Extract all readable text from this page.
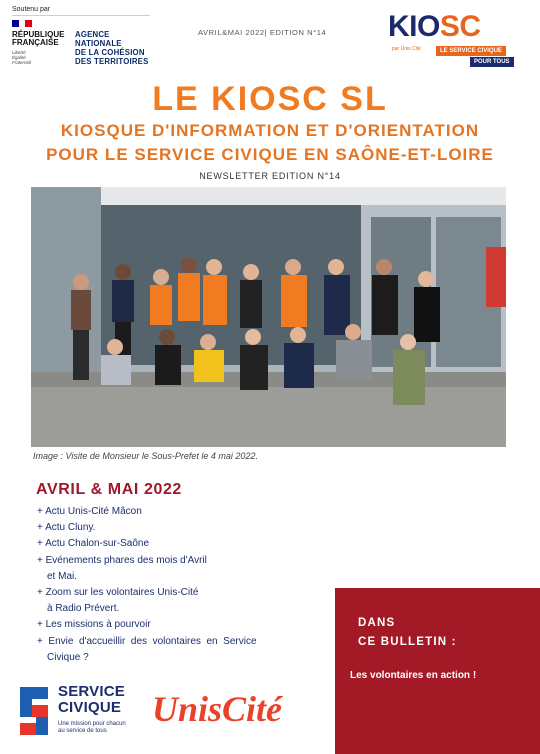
Soutenu par
RÉPUBLIQUE
FRANÇAISE
Liberté
Égalité
Fraternité
AGENCE
NATIONALE
DE LA COHÉSION
DES TERRITOIRES
AVRIL&MAI 2022| EDITION N°14 KIOSC
par Unis Cité	LE SERVICE CIVIQUE
POUR TOUS
LE KIOSC SL
KIOSQUE D'INFORMATION ET D'ORIENTATION
POUR LE SERVICE CIVIQUE EN SAÔNE-ET-LOIRE
NEWSLETTER EDITION N°14
Image : Visite de Monsieur le Sous-Prefet le 4 mai 2022.
AVRIL & MAI 2022
+ Actu Unis-Cité Mâcon
+ Actu Cluny.
+ Actu Chalon-sur-Saône
+ Evénements phares des mois d'Avril
et Mai.
+ Zoom sur les volontaires Unis-Cité
à Radio Prévert.
+ Les missions à pourvoir
+  Envie  d'accueillir  des  volontaires  en  Service
Civique ?
DANS
CE BULLETIN :
Les volontaires en action !
SERVICE
CIVIQUE
Une mission pour chacun au service de tous
UnisCité
